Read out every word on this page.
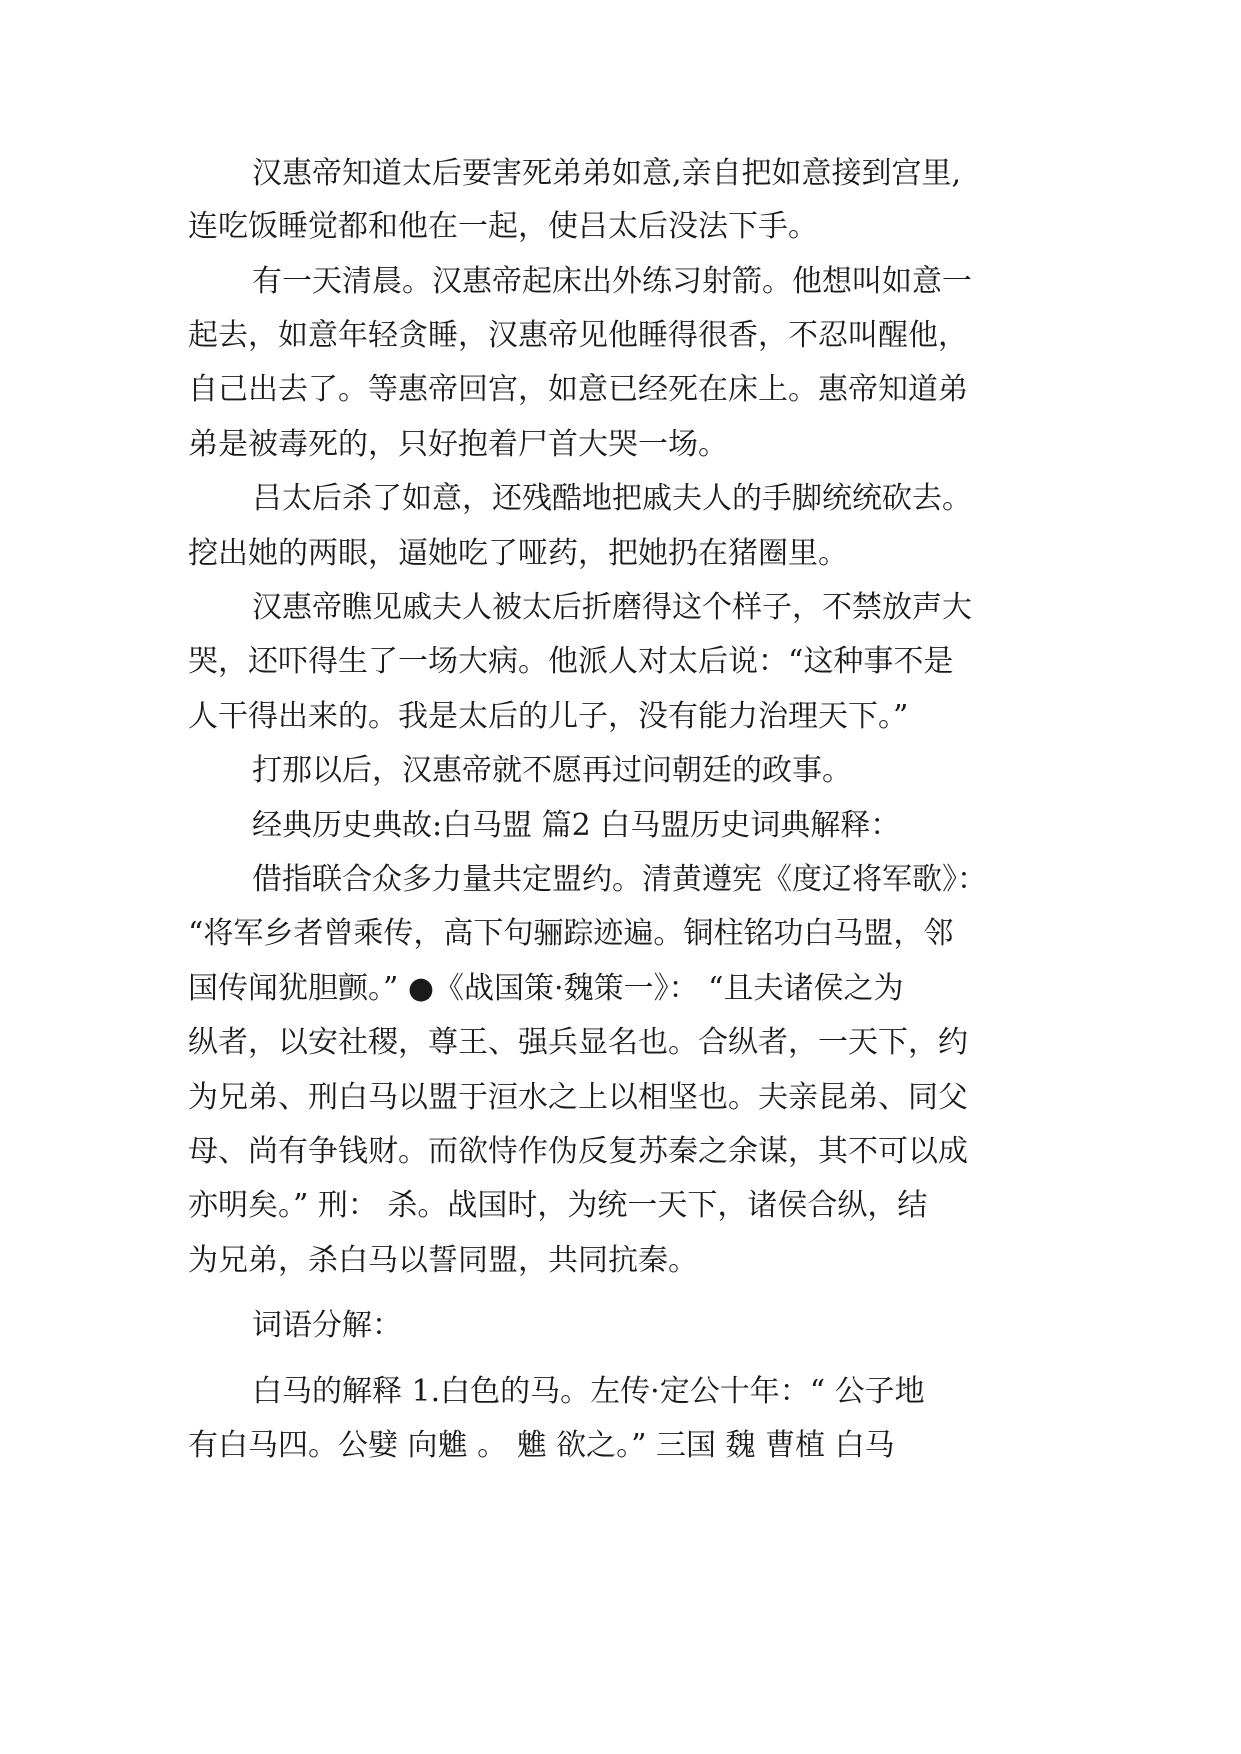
汉惠帝知道太后要害死弟弟如意,亲自把如意接到宫里,
连吃饭睡觉都和他在一起，使吕太后没法下手。
有一天清晨。汉惠帝起床出外练习射箭。他想叫如意一
起去，如意年轻贪睡，汉惠帝见他睡得很香，不忍叫醒他，
自己出去了。等惠帝回宫，如意已经死在床上。惠帝知道弟
弟是被毒死的，只好抱着尸首大哭一场。
吕太后杀了如意，还残酷地把戚夫人的手脚统统砍去。
挖出她的两眼，逼她吃了哑药，把她扔在猪圈里。
汉惠帝瞧见戚夫人被太后折磨得这个样子，不禁放声大
哭，还吓得生了一场大病。他派人对太后说：“这种事不是
人干得出来的。我是太后的儿子，没有能力治理天下。”
打那以后，汉惠帝就不愿再过问朝廷的政事。
经典历史典故:白马盟 篇2 白马盟历史词典解释：
借指联合众多力量共定盟约。清黄遵宪《度辽将军歌》：
“将军乡者曾乘传，高下句骊踪迹遍。铜柱铭功白马盟，邻
国传闻犹胆颤。” ●《战国策·魏策一》： “且夫诸侯之为
纵者，以安社稷，尊王、强兵显名也。合纵者，一天下，约
为兄弟、刑白马以盟于洹水之上以相坚也。夫亲昆弟、同父
母、尚有争钱财。而欲恃作伪反复苏秦之余谋，其不可以成
亦明矣。” 刑： 杀。战国时，为统一天下，诸侯合纵，结
为兄弟，杀白马以誓同盟，共同抗秦。
词语分解：
白马的解释 1.白色的马。左传·定公十年：“ 公子地
有白马四。公嬖 向魋 。 魋 欲之。” 三国 魏 曹植 白马
